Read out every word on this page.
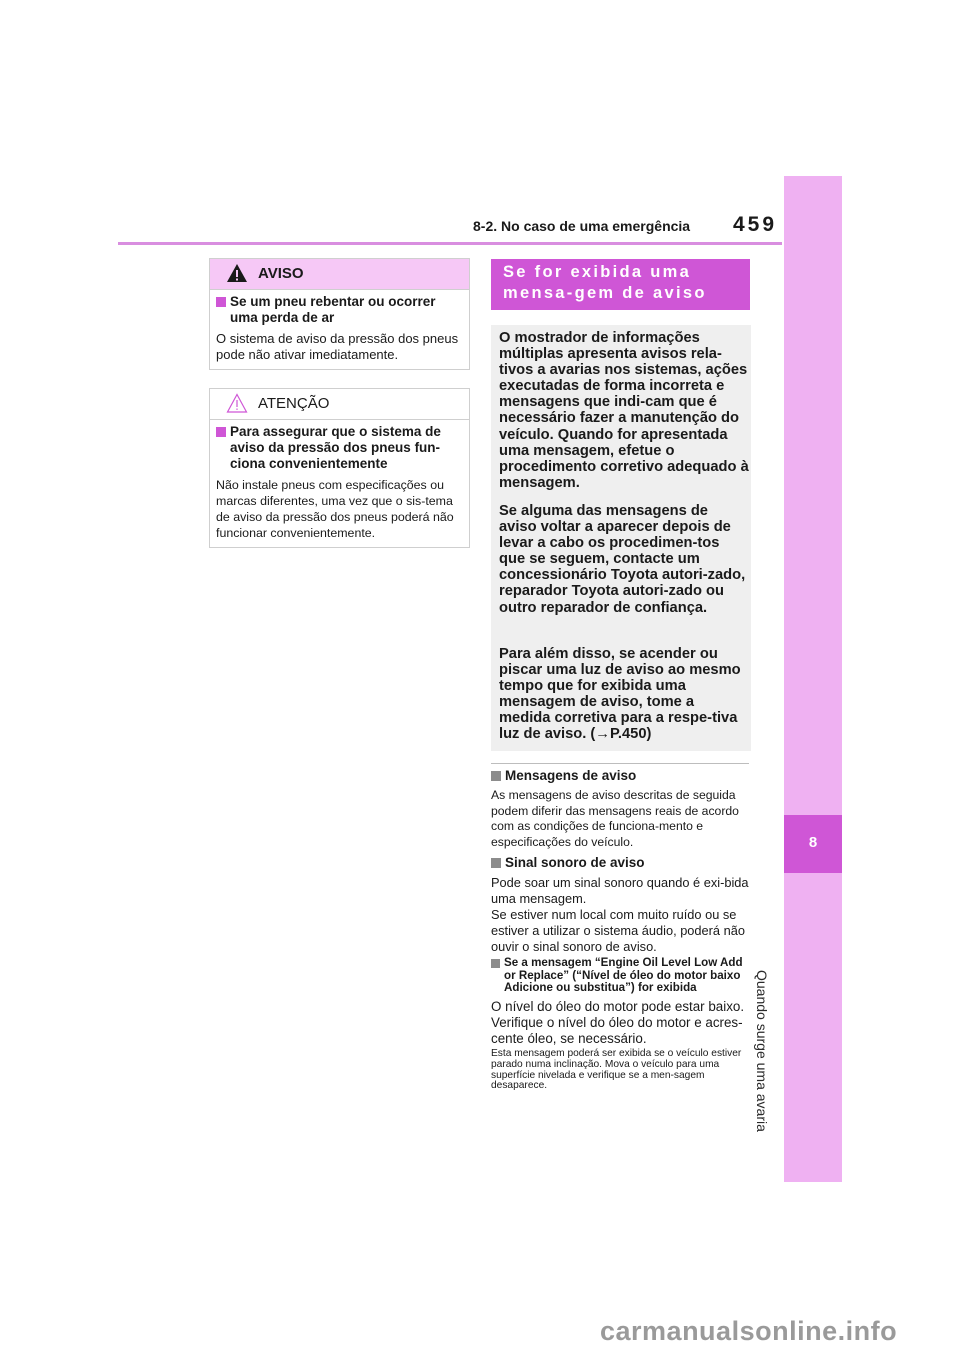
8-2. No caso de uma emergência 459
8
Quando surge uma avaria
AVISO
Se um pneu rebentar ou ocorrer uma perda de ar
O sistema de aviso da pressão dos pneus pode não ativar imediatamente.
ATENÇÃO
Para assegurar que o sistema de aviso da pressão dos pneus fun-ciona convenientemente
Não instale pneus com especificações ou marcas diferentes, uma vez que o sis-tema de aviso da pressão dos pneus poderá não funcionar convenientemente.
Se for exibida uma mensa-gem de aviso

O mostrador de informações múltiplas apresenta avisos rela-tivos a avarias nos sistemas, ações executadas de forma incorreta e mensagens que indi-cam que é necessário fazer a manutenção do veículo. Quando for apresentada uma mensagem, efetue o procedimento corretivo adequado à mensagem.

Se alguma das mensagens de aviso voltar a aparecer depois de levar a cabo os procedimen-tos que se seguem, contacte um concessionário Toyota autori-zado, reparador Toyota autori-zado ou outro reparador de confiança.

Para além disso, se acender ou piscar uma luz de aviso ao mesmo tempo que for exibida uma mensagem de aviso, tome a medida corretiva para a respe-tiva luz de aviso. (→P.450)

Mensagens de aviso
As mensagens de aviso descritas de seguida podem diferir das mensagens reais de acordo com as condições de funciona-mento e especificações do veículo.
Sinal sonoro de aviso
Pode soar um sinal sonoro quando é exi-bida uma mensagem.
Se estiver num local com muito ruído ou se estiver a utilizar o sistema áudio, poderá não ouvir o sinal sonoro de aviso.
Se a mensagem “Engine Oil Level Low Add or Replace” (“Nível de óleo do motor baixo Adicione ou substitua”) for exibida
O nível do óleo do motor pode estar baixo. Verifique o nível do óleo do motor e acres-cente óleo, se necessário.
Esta mensagem poderá ser exibida se o veículo estiver parado numa inclinação. Mova o veículo para uma superfície nivelada e verifique se a men-sagem desaparece.
carmanualsonline.info
